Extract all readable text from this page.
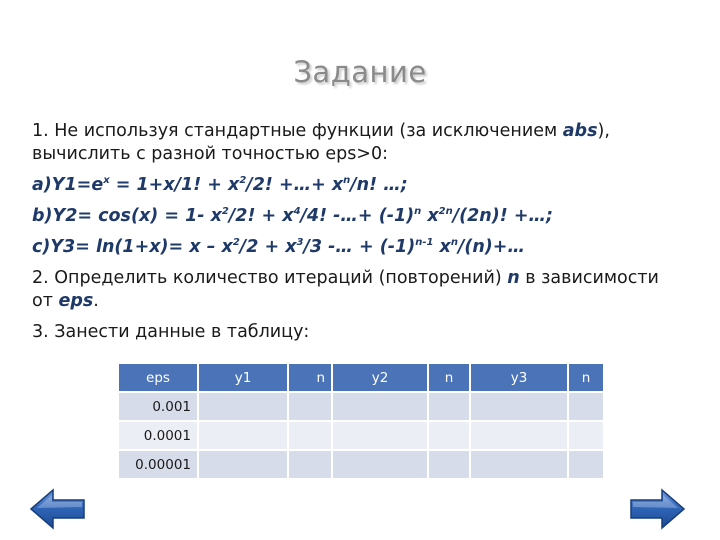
Задание

1. Не используя стандартные функции (за исключением abs),

вычислить с разной точностью eps>0:

$a)Y1=e^x = 1+x/1$! + $x^2/2$! +…+ $x^n/n$! …;

b)Y2= cos(x) = 1- $x^2/2$! + $x^4/4$! -…+ $(-1)^n$ $x^{2n}/(2n)$! +…;

$c)Y3= \ln(1+x)= x - x^2/2 + x^3/3$ -… + $(-1)^{n-1}$ $x^n/(n)+\dots$

2. Определить количество итераций (повторений) n в зависимости

от eps.

3. Занести данные в таблицу:

eps	y1	n	y2	n	y3	n
0.001						
0.0001						
0.00001						
